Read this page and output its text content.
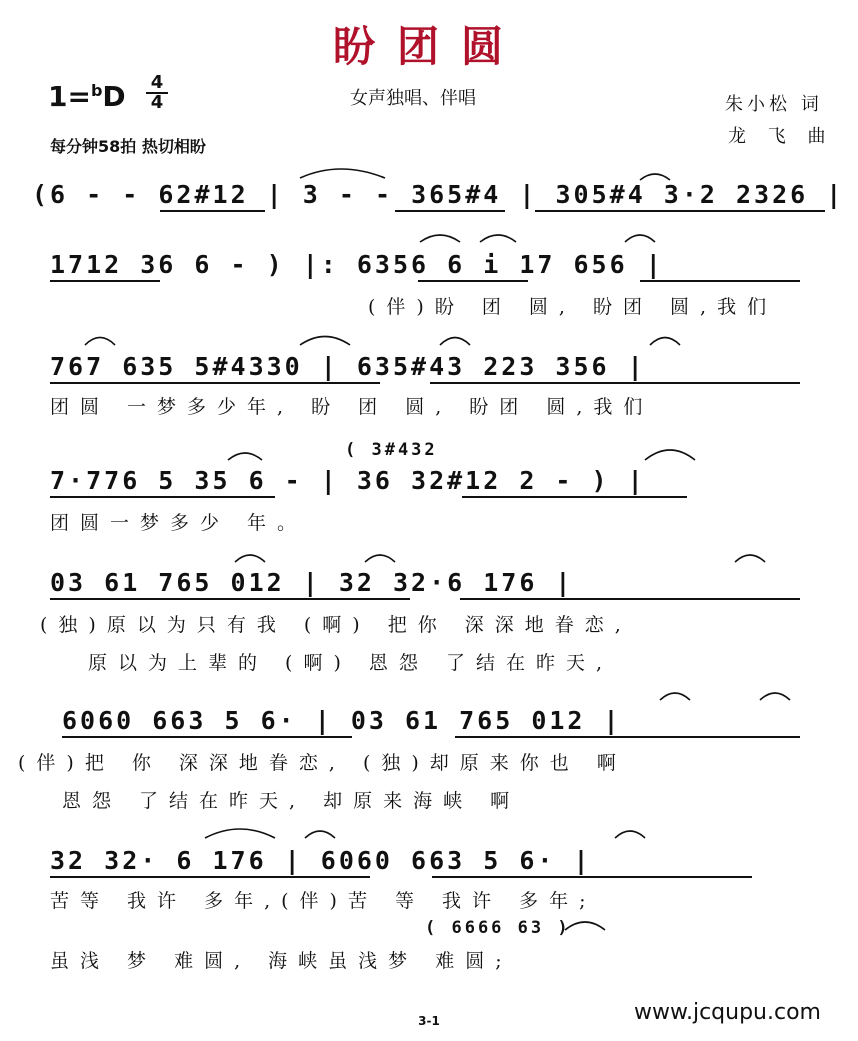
盼团圆
$1=^bD \frac{4}{4}$	女声独唱、伴唱	朱小松 词
龙 飞 曲
每分钟58拍 热切相盼
(6 - - 62#12 | 3 - - 365#4 | 305#4 3·2 2326 |
1712 36 6 - ) |: 6356 6 i 17 656 |
(伴)盼 团 圆, 盼团 圆,我们
767 635 5#4330 | 635#43 223 356 |
团圆 一梦多少年, 盼 团 圆, 盼团 圆,我们
( 3#432
7·776 5 35 6 - | 36 32#12 2 - ) |
团圆一梦多少 年。
03 61 765 012 | 32 32·6 176 |
(独)原以为只有我 (啊) 把你 深深地眷恋,
原以为上辈的 (啊) 恩怨 了结在昨天,
6060 663 5 6· | 03 61 765 012 |
(伴)把 你 深深地眷恋, (独)却原来你也 啊
恩怨 了结在昨天, 却原来海峡 啊
32 32· 6 176 | 6060 663 5 6· |
苦等 我许 多年,(伴)苦 等 我许 多年;
( 6666 63 )
虽浅 梦 难圆, 海峡虽浅梦 难圆;
3-1	www.jcqupu.com
